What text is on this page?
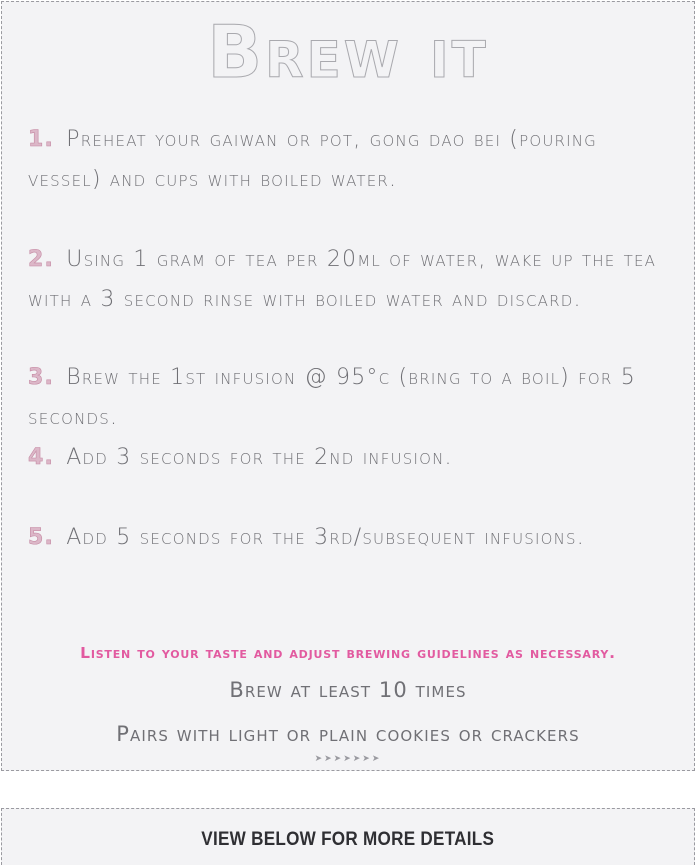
Brew it
1. Preheat your gaiwan or pot, gong dao bei (pouring vessel) and cups with boiled water.
2. Using 1 gram of tea per 20ml of water, wake up the tea with a 3 second rinse with boiled water and discard.
3. Brew the 1st infusion @ 95°c (bring to a boil) for 5 seconds.
4. Add 3 seconds for the 2nd infusion.
5. Add 5 seconds for the 3rd/subsequent infusions.
Listen to your taste and adjust brewing guidelines as necessary.
Brew at least 10 times
Pairs with light or plain cookies or crackers
➤➤➤➤➤➤➤
VIEW BELOW FOR MORE DETAILS
